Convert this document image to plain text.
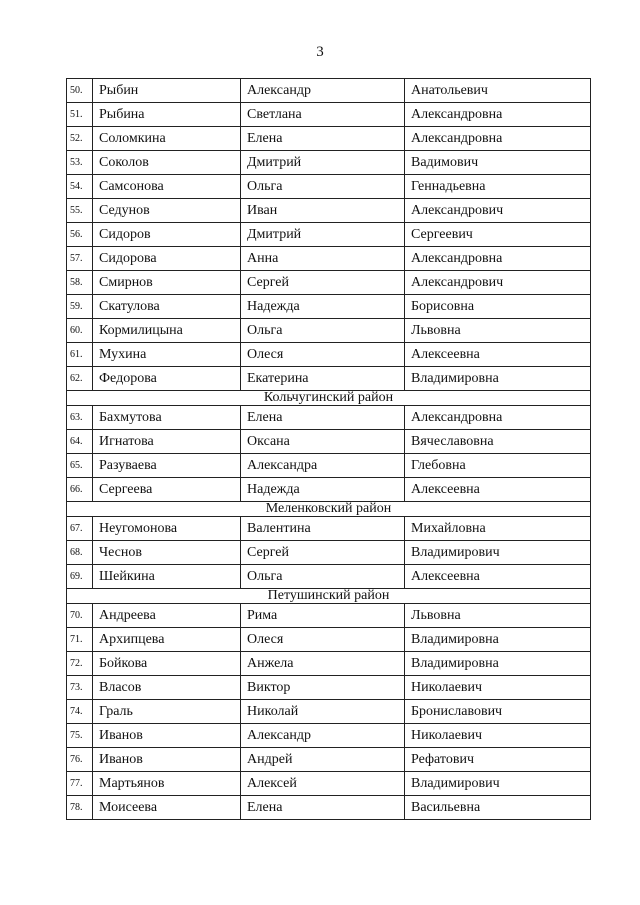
3
50.	Рыбин	Александр	Анатольевич
51.	Рыбина	Светлана	Александровна
52.	Соломкина	Елена	Александровна
53.	Соколов	Дмитрий	Вадимович
54.	Самсонова	Ольга	Геннадьевна
55.	Седунов	Иван	Александрович
56.	Сидоров	Дмитрий	Сергеевич
57.	Сидорова	Анна	Александровна
58.	Смирнов	Сергей	Александрович
59.	Скатулова	Надежда	Борисовна
60.	Кормилицына	Ольга	Львовна
61.	Мухина	Олеся	Алексеевна
62.	Федорова	Екатерина	Владимировна
Кольчугинский район			
63.	Бахмутова	Елена	Александровна
64.	Игнатова	Оксана	Вячеславовна
65.	Разуваева	Александра	Глебовна
66.	Сергеева	Надежда	Алексеевна
Меленковский район			
67.	Неугомонова	Валентина	Михайловна
68.	Чеснов	Сергей	Владимирович
69.	Шейкина	Ольга	Алексеевна
Петушинский район			
70.	Андреева	Рима	Львовна
71.	Архипцева	Олеся	Владимировна
72.	Бойкова	Анжела	Владимировна
73.	Власов	Виктор	Николаевич
74.	Граль	Николай	Брониславович
75.	Иванов	Александр	Николаевич
76.	Иванов	Андрей	Рефатович
77.	Мартьянов	Алексей	Владимирович
78.	Моисеева	Елена	Васильевна
